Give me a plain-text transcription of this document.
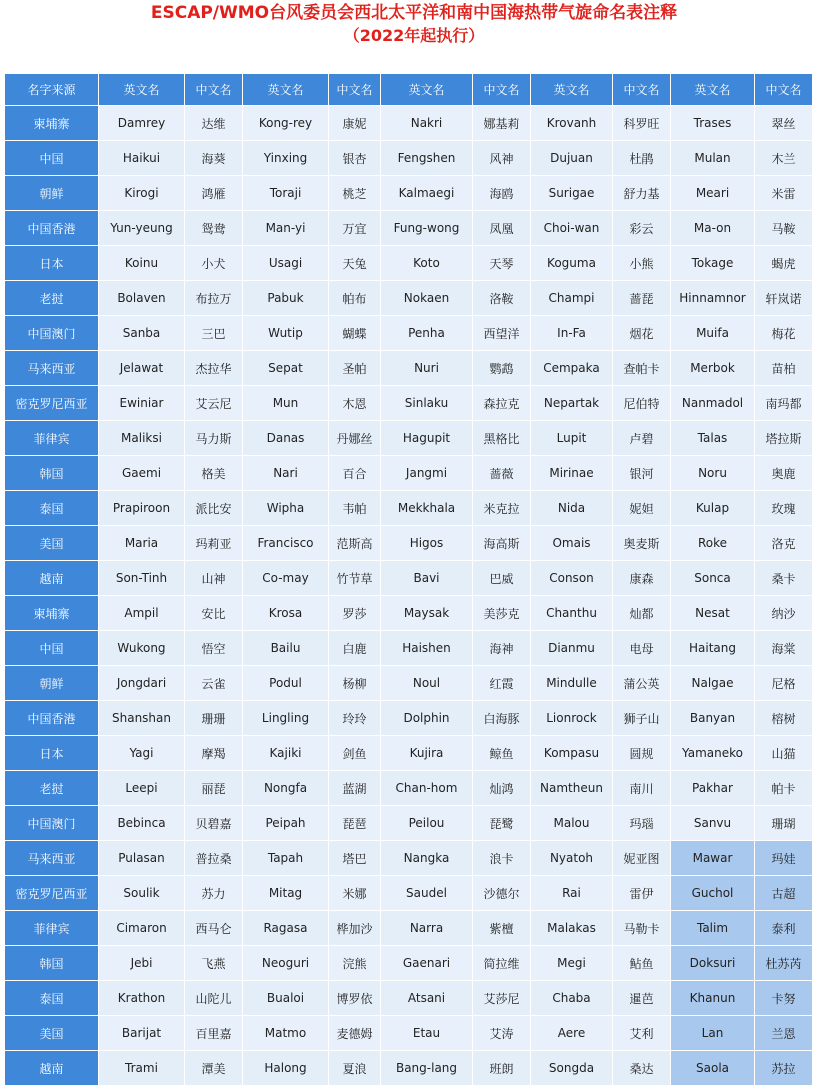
ESCAP/WMO台风委员会西北太平洋和南中国海热带气旋命名表注释
（2022年起执行）
名字来源	英文名	中文名	英文名	中文名	英文名	中文名	英文名	中文名	英文名	中文名
柬埔寨	Damrey	达维	Kong-rey	康妮	Nakri	娜基莉	Krovanh	科罗旺	Trases	翠丝
中国	Haikui	海葵	Yinxing	银杏	Fengshen	风神	Dujuan	杜鹃	Mulan	木兰
朝鲜	Kirogi	鸿雁	Toraji	桃芝	Kalmaegi	海鸥	Surigae	舒力基	Meari	米雷
中国香港	Yun-yeung	鸳鸯	Man-yi	万宜	Fung-wong	凤凰	Choi-wan	彩云	Ma-on	马鞍
日本	Koinu	小犬	Usagi	天兔	Koto	天琴	Koguma	小熊	Tokage	蝎虎
老挝	Bolaven	布拉万	Pabuk	帕布	Nokaen	洛鞍	Champi	蔷琵	Hinnamnor	轩岚诺
中国澳门	Sanba	三巴	Wutip	蝴蝶	Penha	西望洋	In-Fa	烟花	Muifa	梅花
马来西亚	Jelawat	杰拉华	Sepat	圣帕	Nuri	鹦鹉	Cempaka	查帕卡	Merbok	苗柏
密克罗尼西亚	Ewiniar	艾云尼	Mun	木恩	Sinlaku	森拉克	Nepartak	尼伯特	Nanmadol	南玛都
菲律宾	Maliksi	马力斯	Danas	丹娜丝	Hagupit	黑格比	Lupit	卢碧	Talas	塔拉斯
韩国	Gaemi	格美	Nari	百合	Jangmi	蔷薇	Mirinae	银河	Noru	奥鹿
泰国	Prapiroon	派比安	Wipha	韦帕	Mekkhala	米克拉	Nida	妮妲	Kulap	玫瑰
美国	Maria	玛莉亚	Francisco	范斯高	Higos	海高斯	Omais	奥麦斯	Roke	洛克
越南	Son-Tinh	山神	Co-may	竹节草	Bavi	巴威	Conson	康森	Sonca	桑卡
柬埔寨	Ampil	安比	Krosa	罗莎	Maysak	美莎克	Chanthu	灿都	Nesat	纳沙
中国	Wukong	悟空	Bailu	白鹿	Haishen	海神	Dianmu	电母	Haitang	海棠
朝鲜	Jongdari	云雀	Podul	杨柳	Noul	红霞	Mindulle	蒲公英	Nalgae	尼格
中国香港	Shanshan	珊珊	Lingling	玲玲	Dolphin	白海豚	Lionrock	狮子山	Banyan	榕树
日本	Yagi	摩羯	Kajiki	剑鱼	Kujira	鲸鱼	Kompasu	圆规	Yamaneko	山猫
老挝	Leepi	丽琵	Nongfa	蓝湖	Chan-hom	灿鸿	Namtheun	南川	Pakhar	帕卡
中国澳门	Bebinca	贝碧嘉	Peipah	琵琶	Peilou	琵鹭	Malou	玛瑙	Sanvu	珊瑚
马来西亚	Pulasan	普拉桑	Tapah	塔巴	Nangka	浪卡	Nyatoh	妮亚图	Mawar	玛娃
密克罗尼西亚	Soulik	苏力	Mitag	米娜	Saudel	沙德尔	Rai	雷伊	Guchol	古超
菲律宾	Cimaron	西马仑	Ragasa	桦加沙	Narra	紫檀	Malakas	马勒卡	Talim	泰利
韩国	Jebi	飞燕	Neoguri	浣熊	Gaenari	简拉维	Megi	鲇鱼	Doksuri	杜苏芮
泰国	Krathon	山陀儿	Bualoi	博罗依	Atsani	艾莎尼	Chaba	暹芭	Khanun	卡努
美国	Barijat	百里嘉	Matmo	麦德姆	Etau	艾涛	Aere	艾利	Lan	兰恩
越南	Trami	潭美	Halong	夏浪	Bang-lang	班朗	Songda	桑达	Saola	苏拉
